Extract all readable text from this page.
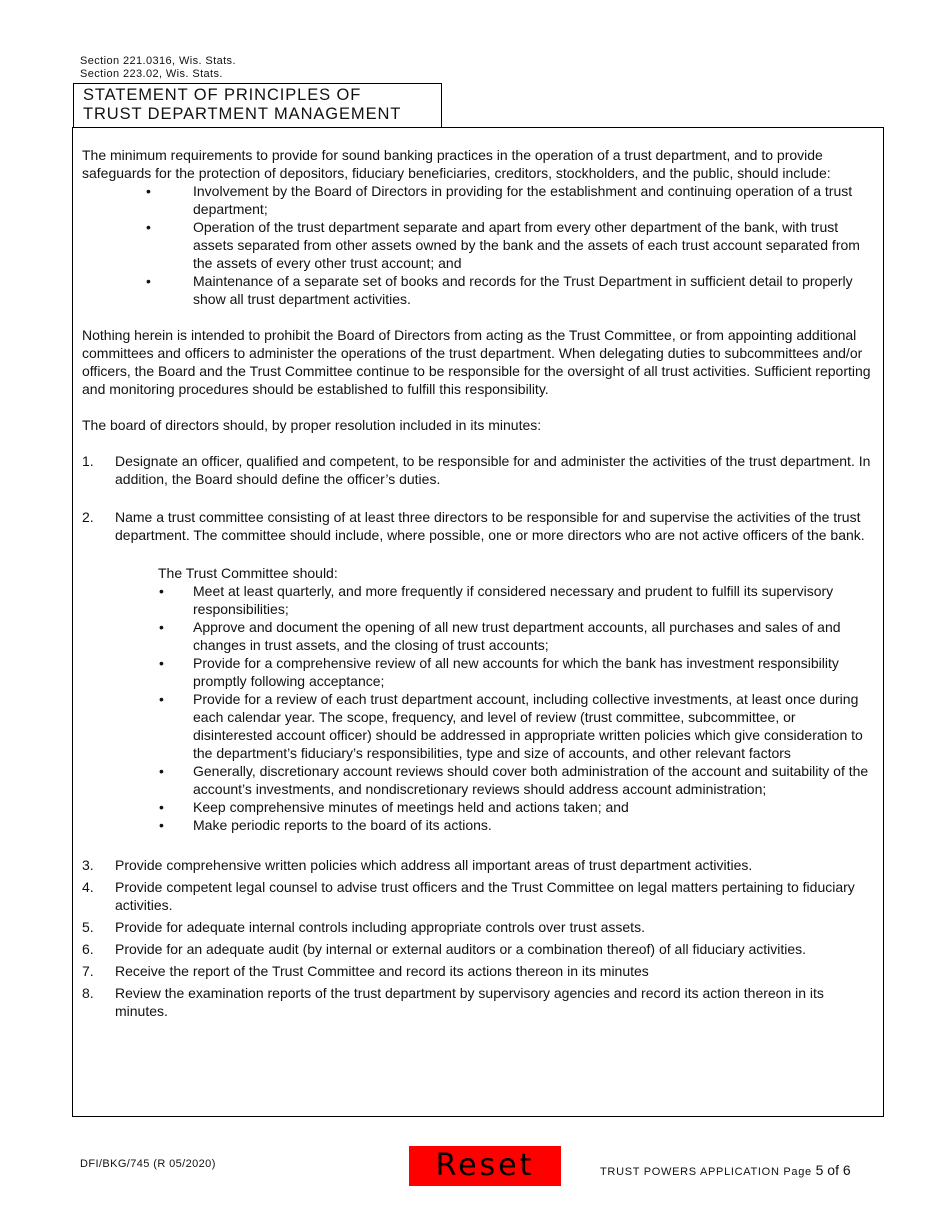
Section 221.0316, Wis. Stats.
Section 223.02, Wis. Stats.
STATEMENT OF PRINCIPLES OF
TRUST DEPARTMENT MANAGEMENT

The minimum requirements to provide for sound banking practices in the operation of a trust department, and to provide safeguards for the protection of depositors, fiduciary beneficiaries, creditors, stockholders, and the public, should include:

•	Involvement by the Board of Directors in providing for the establishment and continuing operation of a trust department;
•	Operation of the trust department separate and apart from every other department of the bank, with trust assets separated from other assets owned by the bank and the assets of each trust account separated from the assets of every other trust account; and
•	Maintenance of a separate set of books and records for the Trust Department in sufficient detail to properly show all trust department activities.

Nothing herein is intended to prohibit the Board of Directors from acting as the Trust Committee, or from appointing additional committees and officers to administer the operations of the trust department. When delegating duties to subcommittees and/or officers, the Board and the Trust Committee continue to be responsible for the oversight of all trust activities. Sufficient reporting and monitoring procedures should be established to fulfill this responsibility.

The board of directors should, by proper resolution included in its minutes:

1. Designate an officer, qualified and competent, to be responsible for and administer the activities of the trust department. In addition, the Board should define the officer’s duties.
2. Name a trust committee consisting of at least three directors to be responsible for and supervise the activities of the trust department. The committee should include, where possible, one or more directors who are not active officers of the bank.
The Trust Committee should:
• Meet at least quarterly, and more frequently if considered necessary and prudent to fulfill its supervisory responsibilities;
• Approve and document the opening of all new trust department accounts, all purchases and sales of and changes in trust assets, and the closing of trust accounts;
• Provide for a comprehensive review of all new accounts for which the bank has investment responsibility promptly following acceptance;
• Provide for a review of each trust department account, including collective investments, at least once during each calendar year. The scope, frequency, and level of review (trust committee, subcommittee, or disinterested account officer) should be addressed in appropriate written policies which give consideration to the department’s fiduciary’s responsibilities, type and size of accounts, and other relevant factors
• Generally, discretionary account reviews should cover both administration of the account and suitability of the account’s investments, and nondiscretionary reviews should address account administration;
• Keep comprehensive minutes of meetings held and actions taken; and
• Make periodic reports to the board of its actions.
3. Provide comprehensive written policies which address all important areas of trust department activities.
4. Provide competent legal counsel to advise trust officers and the Trust Committee on legal matters pertaining to fiduciary activities.
5. Provide for adequate internal controls including appropriate controls over trust assets.
6. Provide for an adequate audit (by internal or external auditors or a combination thereof) of all fiduciary activities.
7. Receive the report of the Trust Committee and record its actions thereon in its minutes
8. Review the examination reports of the trust department by supervisory agencies and record its action thereon in its minutes.
DFI/BKG/745 (R 05/2020)	Reset	TRUST POWERS APPLICATION Page 5 of 6
